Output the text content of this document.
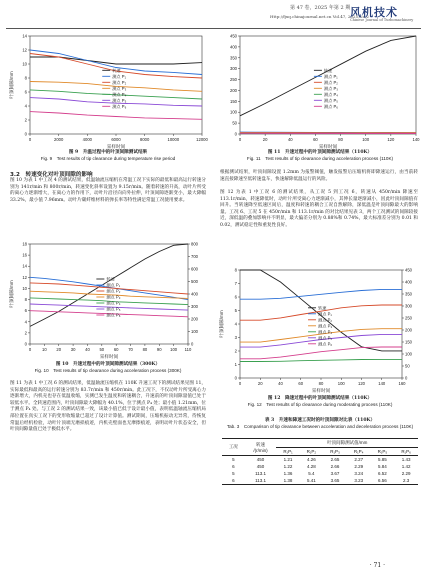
第 47 卷，2025 年第 2 期
Http://fjxq.chinajournal.net.cn Vol.47, 2025,No.2
风机技术
Chinese Journal of Turbomachinery
0	2000	4000	6000	8000	10000	12000
0
2
4
6
8
10
12
14
采样时间
叶顶间隙/mm
转速
测点 P₁
测点 P₂
测点 P₃
测点 P₄
测点 P₅
测点 P₆
图 9　升温过程中的叶顶间隙测试结果
Fig. 9　Test results of tip clearance during temperature rise period
3.2　转速变化对叶顶间隙的影响
图 10 为表 1 中工况 4 的测试结果，低温轴流压缩机在常温工况下实际的最低和最高运行转速分别为 141r/min 和 800r/min，转速变化斜率设置为 9.15r/min。随着转速的升高，动叶片所受的离心力逐渐增大，在离心力的作用下，动叶片沿径向向外拉伸，叶顶间隙逐渐变小，最大降幅 33.2%，最小值 7.96mm。动叶片碳纤维材料的弹长率等特性满足常温工况使用要求。
0	10 20 30 40 50 60 70 80 90 100 110
0
2
4
6
8
10
12
14
16
18
0
100
200
300
400
500
600
700
800
采样时间
叶顶间隙/mm
转速
测点 P₁
测点 P₂
测点 P₃
测点 P₄
测点 P₅
测点 P₆
图 10　升速过程中的叶顶间隙测试结果（300K）
Fig. 10　Test results of tip clearance during acceleration process (300K)
图 11 为表 1 中工况 6 的测试结果，低温轴流压缩机在 110K 升速工况下的测试结果见图 11，实际最低和最高的运行转速分别为 83.7r/min 和 450r/min。此工况下，不仅动叶片所受离心力逐渐增大，内机壳也存在低温收缩，实测已发生温度和转速耦合，升速前的叶顶间隙量值已处于较低水平。全转速范围内，叶顶间隙最大降幅为 40.1%，位于测点 P₄ 处；最小值 1.21mm，位于测点 P₄ 处。与工况 2 的测试结果一致，该最小值已低于设计最小值，表明低温轴流压缩机局部位置在真实工况下的变形收缩量已超过了设计计算值。测试期间，压缩机振动无异常，待恢复常温后经机检验，动叶片顶端无磨损痕迹，内机壳壁面也无摩擦痕迹，表明动叶片状态安全，但叶顶间隙量值已处于极低水平。
0	20	40	60	80	100	120	140
0
50
100
150
200
250
300
350
400
450
采样时间
转速
测点 P₁
测点 P₂
测点 P₃
测点 P₄
测点 P₅
测点 P₆
图 11　升速过程中的叶顶间隙测试结果（110K）
Fig. 11　Test results of tip clearance during acceleration process (110K)
根据测试结果，叶顶间隙设置 1.2mm 为报警阈值，触发报警后压缩机将即降速运行，由当前转速直接降速至低转速盘车，快速解除低温运行的风险。
图 12 为表 1 中工况 6 的测试结果，从工况 5 到工况 6，转速从 450r/min 降速至 113.1r/min，转速降低时，动叶片所受离心力逐渐减小，其伸长量逐渐减小，因此叶顶间隙值有回升。当转速降至低速区间后，温度和转速的耦合工况自然解除，深低温是叶顶间隙最大的影响量。工况 6、工况 5 在 450r/min 和 113.1r/min 的对比结果见表 3，两个工况测试的间隙较接近，深低温的叠加影响并不明显，最大偏差分别为 0.88%和 0.74%，最大标准差分别为 0.01 和 0.02，测试稳定性和重复性良好。
0	20	40	60	80	100	120	140	160
0
1
2
3
4
5
6
7
8
0
50
100
150
200
250
300
350
400
450
采样时间
叶顶间隙/mm
转速
测点 P₁
测点 P₂
测点 P₃
测点 P₄
测点 P₅
测点 P₆
图 12　降速过程中的叶顶间隙测试结果（110K）
Fig. 12　Test results of tip clearance during moderating process (110K)
表 3　升速和降速工况时的叶顶间隙对比表（110K）
Tab. 3　Comparison of tip clearance between acceleration and deceleration process (110K)
工况	转速
/(r/min)	叶顶间隙测试值/mm					
		R₁P₁	R₁P₂	R₁P₃	R₁P₄	R₁P₅	R₁P₆
5	450	1.21	4.26	2.65	2.27	5.85	1.43
6	450	1.22	4.28	2.66	2.29	5.84	1.42
5	113.1	1.36	5.4	3.67	3.24	6.52	2.29
6	113.1	1.38	5.41	3.65	3.23	6.56	2.3
· 71 ·
